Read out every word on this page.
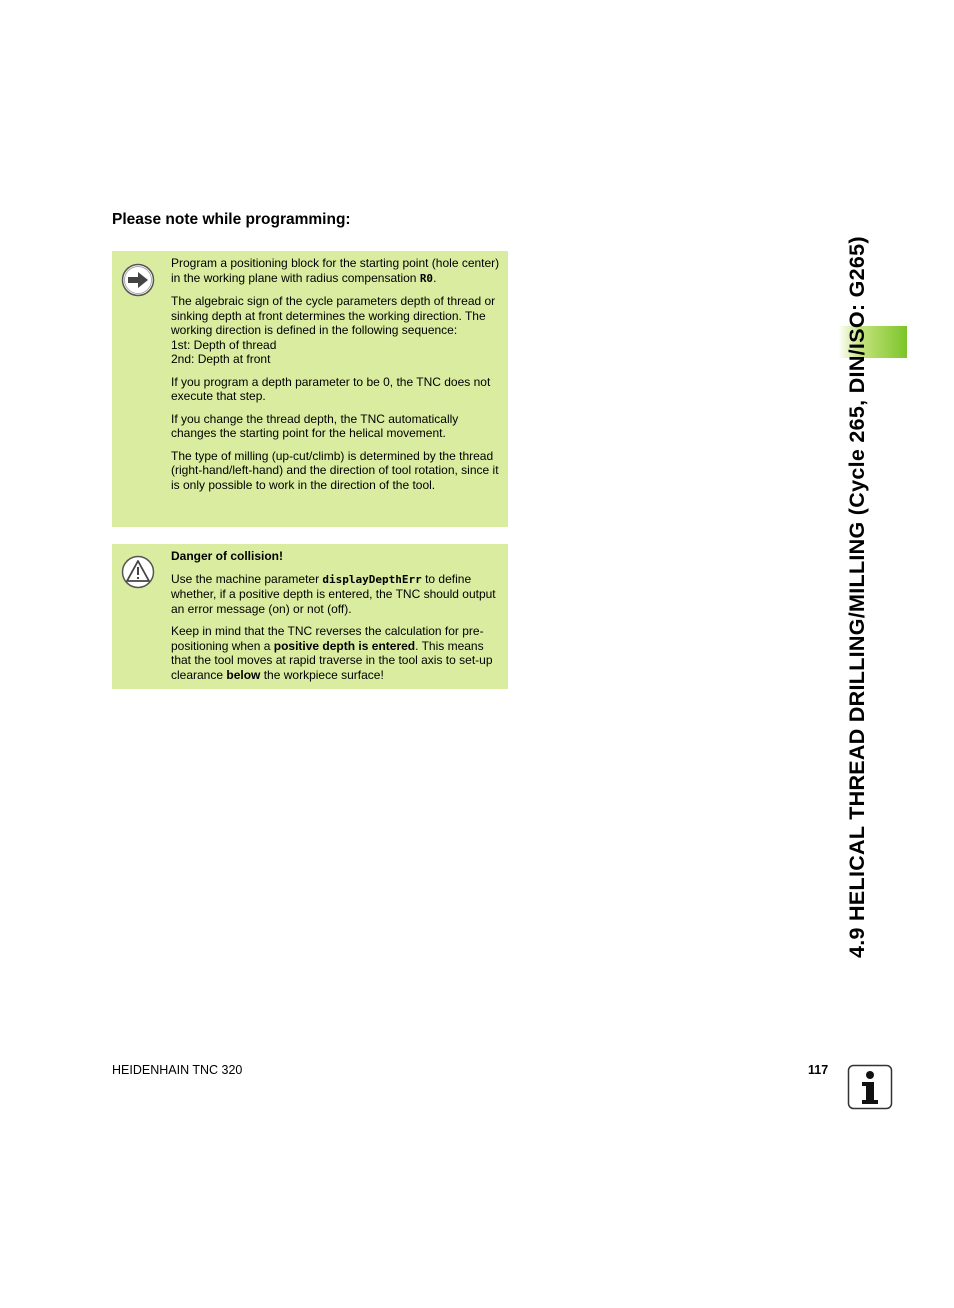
Please note while programming:

Program a positioning block for the starting point (hole center) in the working plane with radius compensation R0.

The algebraic sign of the cycle parameters depth of thread or sinking depth at front determines the working direction. The working direction is defined in the following sequence:
1st: Depth of thread
2nd: Depth at front

If you program a depth parameter to be 0, the TNC does not execute that step.

If you change the thread depth, the TNC automatically changes the starting point for the helical movement.

The type of milling (up-cut/climb) is determined by the thread (right-hand/left-hand) and the direction of tool rotation, since it is only possible to work in the direction of the tool.

Danger of collision!

Use the machine parameter displayDepthErr to define whether, if a positive depth is entered, the TNC should output an error message (on) or not (off).

Keep in mind that the TNC reverses the calculation for pre-positioning when a positive depth is entered. This means that the tool moves at rapid traverse in the tool axis to set-up clearance below the workpiece surface!	4.9 HELICAL THREAD DRILLING/MILLING (Cycle 265, DIN/ISO: G265)
HEIDENHAIN TNC 320	117
